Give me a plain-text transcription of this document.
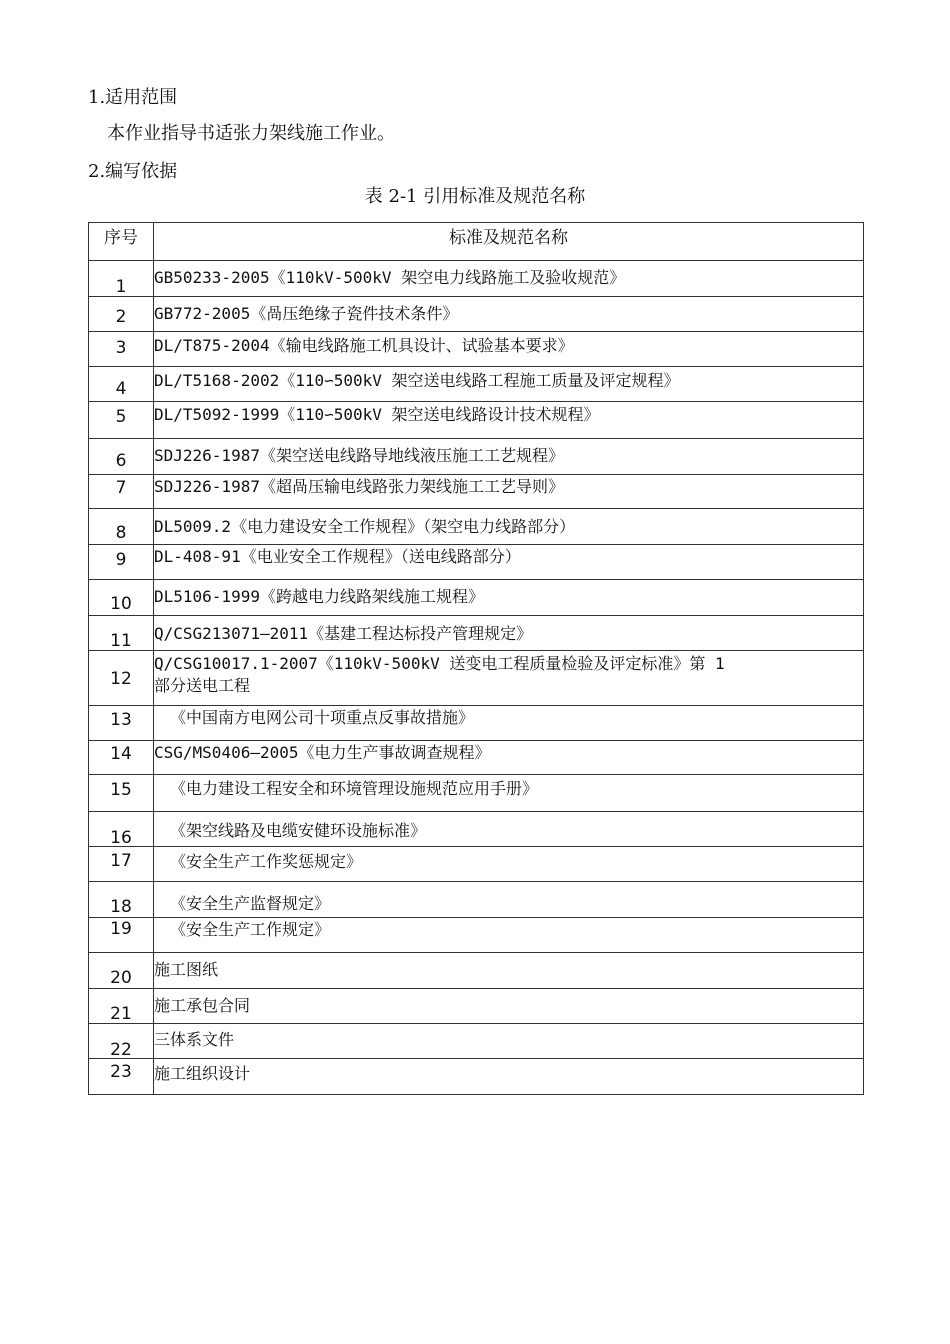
1.适用范围
本作业指导书适张力架线施工作业。
2.编写依据
表 2-1 引用标准及规范名称
序号	标准及规范名称

1	GB50233-2005《110kV-500kV 架空电力线路施工及验收规范》

2	GB772-2005《咼压绝缘子瓷件技术条件》

3	DL/T875-2004《输电线路施工机具设计、试验基本要求》

4	DL/T5168-2002《110∽500kV 架空送电线路工程施工质量及评定规程》

5	DL/T5092-1999《110∽500kV 架空送电线路设计技术规程》

6	SDJ226-1987《架空送电线路导地线液压施工工艺规程》

7	SDJ226-1987《超咼压输电线路张力架线施工工艺导则》

8	DL5009.2《电力建设安全工作规程》（架空电力线路部分）

9	DL-408-91《电业安全工作规程》（送电线路部分）

10	DL5106-1999《跨越电力线路架线施工规程》

11	Q/CSG213071—2011《基建工程达标投产管理规定》

12	Q/CSG10017.1-2007《110kV-500kV 送变电工程质量检验及评定标准》第 1
部分送电工程

13	《中国南方电网公司十项重点反事故措施》

14	CSG/MS0406—2005《电力生产事故调查规程》

15	《电力建设工程安全和环境管理设施规范应用手册》

16	《架空线路及电缆安健环设施标准》

17	《安全生产工作奖惩规定》

18	《安全生产监督规定》

19	《安全生产工作规定》

20	施工图纸

21	施工承包合同

22	三体系文件

23	施工组织设计
